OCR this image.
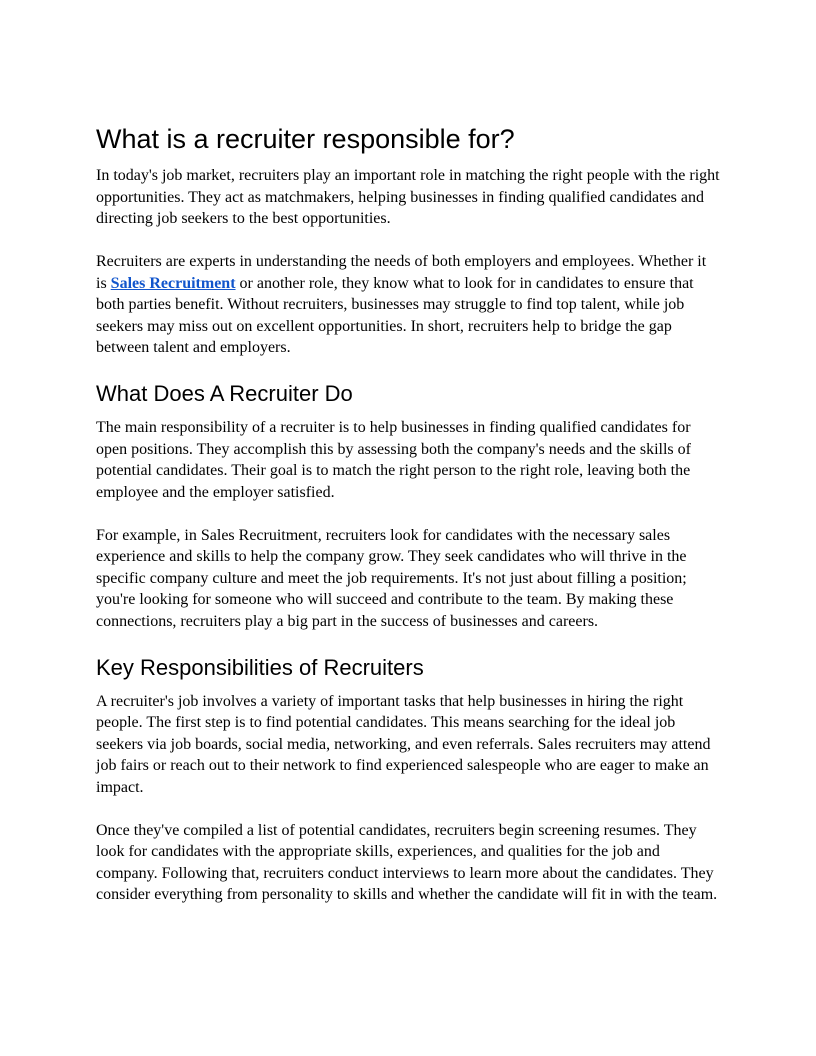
What is a recruiter responsible for?

In today's job market, recruiters play an important role in matching the right people with the right opportunities. They act as matchmakers, helping businesses in finding qualified candidates and directing job seekers to the best opportunities.

Recruiters are experts in understanding the needs of both employers and employees. Whether it is Sales Recruitment or another role, they know what to look for in candidates to ensure that both parties benefit. Without recruiters, businesses may struggle to find top talent, while job seekers may miss out on excellent opportunities. In short, recruiters help to bridge the gap between talent and employers.

What Does A Recruiter Do

The main responsibility of a recruiter is to help businesses in finding qualified candidates for open positions. They accomplish this by assessing both the company's needs and the skills of potential candidates. Their goal is to match the right person to the right role, leaving both the employee and the employer satisfied.

For example, in Sales Recruitment, recruiters look for candidates with the necessary sales experience and skills to help the company grow. They seek candidates who will thrive in the specific company culture and meet the job requirements. It's not just about filling a position; you're looking for someone who will succeed and contribute to the team. By making these connections, recruiters play a big part in the success of businesses and careers.

Key Responsibilities of Recruiters

A recruiter's job involves a variety of important tasks that help businesses in hiring the right people. The first step is to find potential candidates. This means searching for the ideal job seekers via job boards, social media, networking, and even referrals. Sales recruiters may attend job fairs or reach out to their network to find experienced salespeople who are eager to make an impact.

Once they've compiled a list of potential candidates, recruiters begin screening resumes. They look for candidates with the appropriate skills, experiences, and qualities for the job and company. Following that, recruiters conduct interviews to learn more about the candidates. They consider everything from personality to skills and whether the candidate will fit in with the team.
